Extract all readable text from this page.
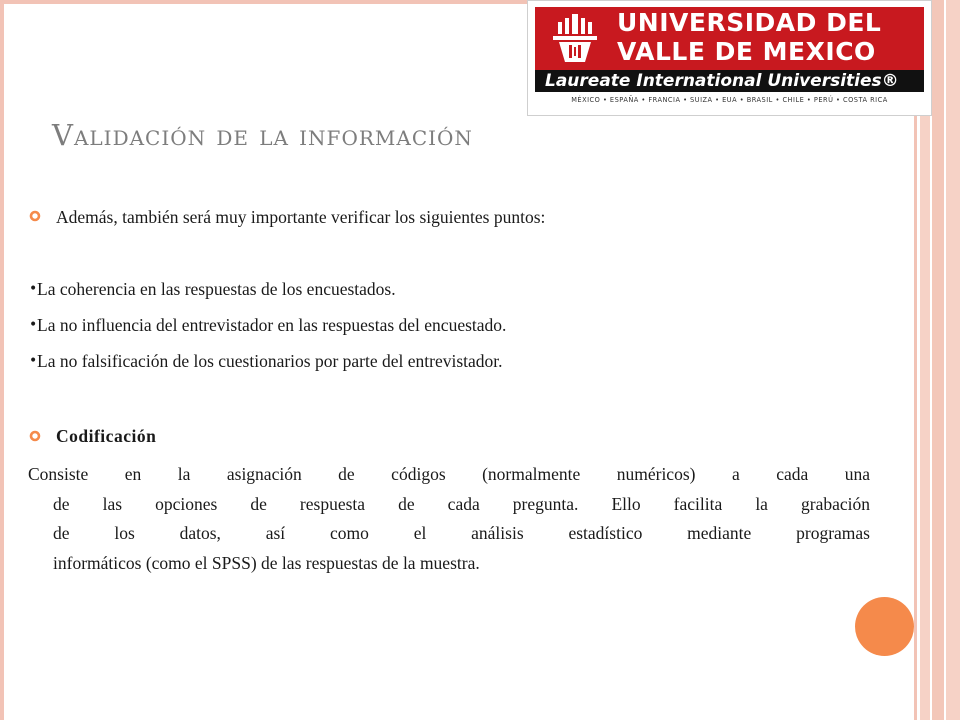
UNIVERSIDAD DEL
VALLE DE MEXICO
Laureate International Universities®
MÉXICO • ESPAÑA • FRANCIA • SUIZA • EUA • BRASIL • CHILE • PERÚ • COSTA RICA
Validación de la información
Además, también será muy importante verificar los siguientes puntos:
• La coherencia en las respuestas de los encuestados.
• La no influencia del entrevistador en las respuestas del encuestado.
• La no falsificación de los cuestionarios por parte del entrevistador.
Codificación
Consiste en la asignación de códigos (normalmente numéricos) a cada una
de las opciones de respuesta de cada pregunta. Ello facilita la grabación
de los datos, así como el análisis estadístico mediante programas
informáticos (como el SPSS) de las respuestas de la muestra.
